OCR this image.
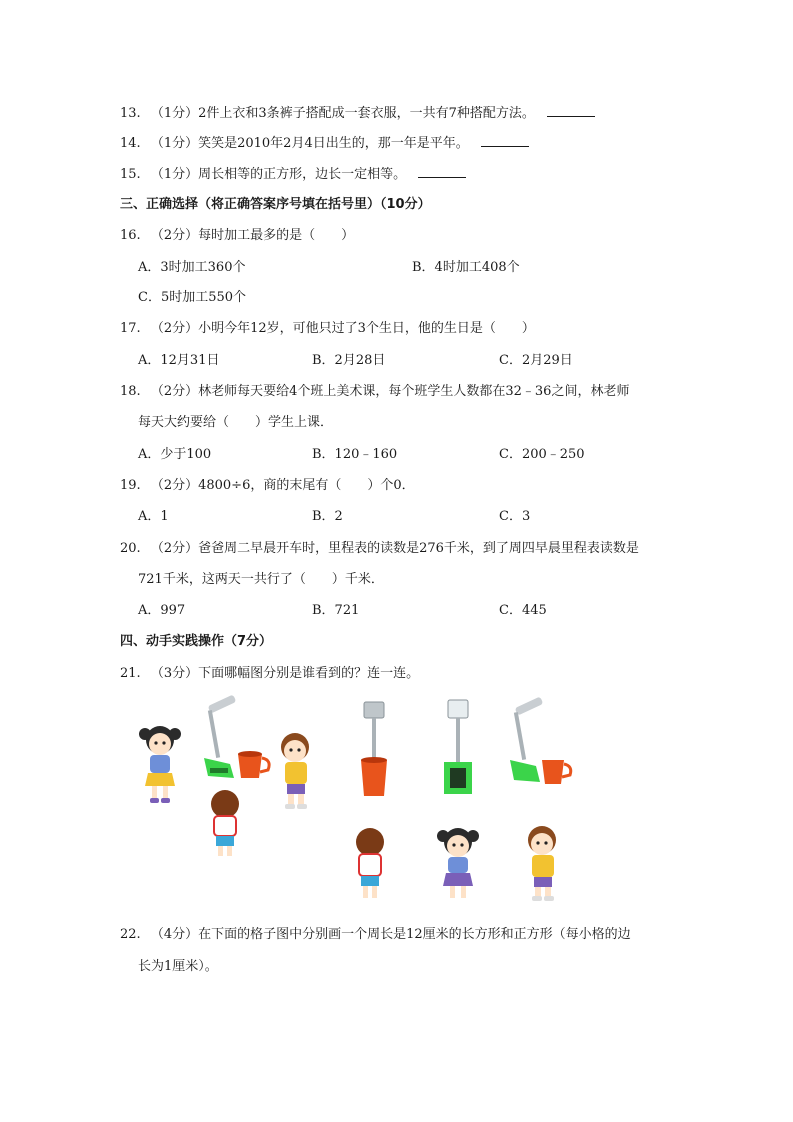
13. （1分）2件上衣和3条裤子搭配成一套衣服，一共有7种搭配方法。
14. （1分）笑笑是2010年2月4日出生的，那一年是平年。
15. （1分）周长相等的正方形，边长一定相等。
三、正确选择（将正确答案序号填在括号里）（10分）
16. （2分）每时加工最多的是（　　）
A．3时加工360个	B．4时加工408个
C．5时加工550个
17. （2分）小明今年12岁，可他只过了3个生日，他的生日是（　　）
A．12月31日	B．2月28日	C．2月29日
18. （2分）林老师每天要给4个班上美术课，每个班学生人数都在32﹣36之间，林老师
每天大约要给（　　）学生上课．
A．少于100	B．120﹣160	C．200﹣250
19. （2分）4800÷6，商的末尾有（　　）个0．
A．1	B．2	C．3
20. （2分）爸爸周二早晨开车时，里程表的读数是276千米，到了周四早晨里程表读数是
721千米，这两天一共行了（　　）千米．
A．997	B．721	C．445
四、动手实践操作（7分）
21. （3分）下面哪幅图分别是谁看到的？连一连。
22. （4分）在下面的格子图中分别画一个周长是12厘米的长方形和正方形（每小格的边
长为1厘米）。
